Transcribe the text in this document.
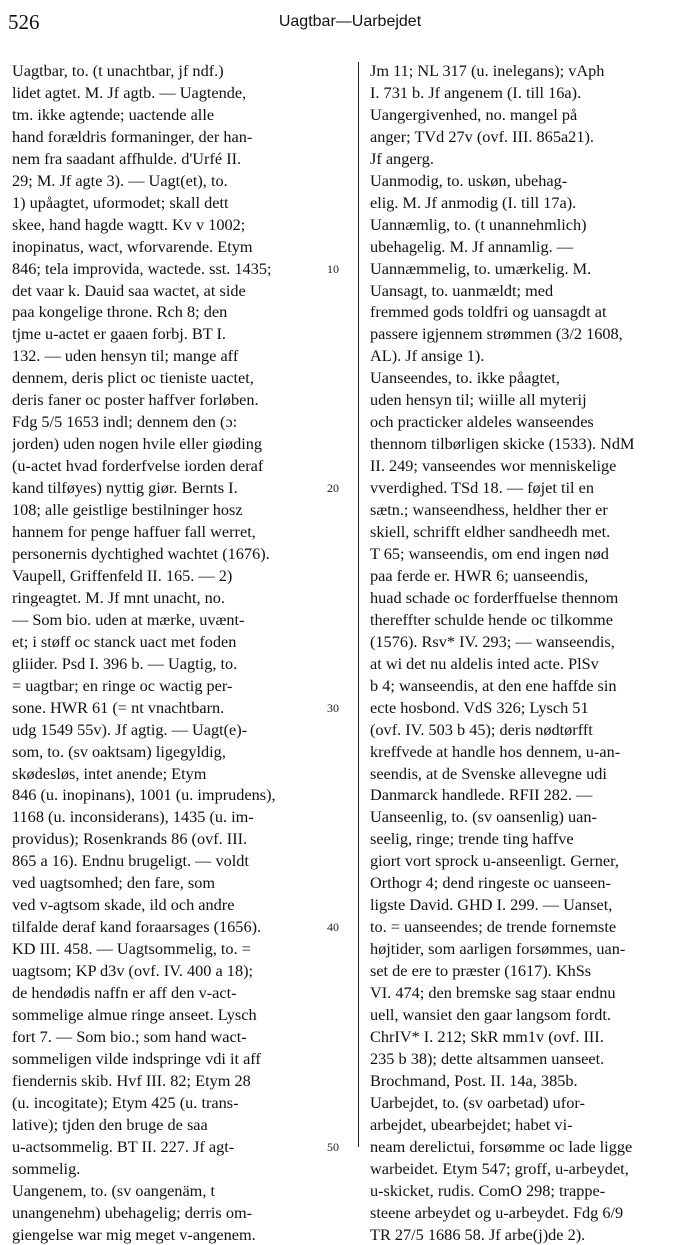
526	Uagtbar—Uarbejdet
Uagtbar, to. (t unachtbar, jf ndf.)
lidet agtet. M. Jf agtb. — Uagtende,
tm. ikke agtende; uactende alle
hand forældris formaninger, der han-
nem fra saadant affhulde. d'Urfé II.
29; M. Jf agte 3). — Uagt(et), to.
1) upåagtet, uformodet; skall dett
skee, hand hagde wagtt. Kv v 1002;
inopinatus, wact, wforvarende. Etym
846; tela improvida, wactede. sst. 1435;
det vaar k. Dauid saa wactet, at side
paa kongelige throne. Rch 8; den
tjme u-actet er gaaen forbj. BT I.
132. — uden hensyn til; mange aff
dennem, deris plict oc tieniste uactet,
deris faner oc poster haffver forløben.
Fdg 5/5 1653 indl; dennem den (ɔ:
jorden) uden nogen hvile eller giøding
(u-actet hvad forderfvelse iorden deraf
kand tilføyes) nyttig giør. Bernts I.
108; alle geistlige bestilninger hosz
hannem for penge haffuer fall werret,
personernis dychtighed wachtet (1676).
Vaupell, Griffenfeld II. 165. — 2)
ringeagtet. M. Jf mnt unacht, no.
— Som bio. uden at mærke, uvænt-
et; i støff oc stanck uact met foden
gliider. Psd I. 396 b. — Uagtig, to.
= uagtbar; en ringe oc wactig per-
sone. HWR 61 (= nt vnachtbarn.
udg 1549 55v). Jf agtig. — Uagt(e)-
som, to. (sv oaktsam) ligegyldig,
skødesløs, intet anende; Etym
846 (u. inopinans), 1001 (u. imprudens),
1168 (u. inconsiderans), 1435 (u. im-
providus); Rosenkrands 86 (ovf. III.
865 a 16). Endnu brugeligt. — voldt
ved uagtsomhed; den fare, som
ved v-agtsom skade, ild och andre
tilfalde deraf kand foraarsages (1656).
KD III. 458. — Uagtsommelig, to. =
uagtsom; KP d3v (ovf. IV. 400 a 18);
de hendødis naffn er aff den v-act-
sommelige almue ringe anseet. Lysch
fort 7. — Som bio.; som hand wact-
sommeligen vilde indspringe vdi it aff
fiendernis skib. Hvf III. 82; Etym 28
(u. incogitate); Etym 425 (u. trans-
lative); tjden den bruge de saa
u-actsommelig. BT II. 227. Jf agt-
sommelig.
Uangenem, to. (sv oangenäm, t
unangenehm) ubehagelig; derris om-
giengelse war mig meget v-angenem.
Jm 11; NL 317 (u. inelegans); vAph
I. 731 b. Jf angenem (I. till 16a).
Uangergivenhed, no. mangel på
anger; TVd 27v (ovf. III. 865a21).
Jf angerg.
Uanmodig, to. uskøn, ubehag-
elig. M. Jf anmodig (I. till 17a).
Uannæmlig, to. (t unannehmlich)
ubehagelig. M. Jf annamlig. —
Uannæmmelig, to. umærkelig. M.
Uansagt, to. uanmældt; med
fremmed gods toldfri og uansagdt at
passere igjennem strømmen (3/2 1608,
AL). Jf ansige 1).
Uanseendes, to. ikke påagtet,
uden hensyn til; wiille all myterij
och practicker aldeles wanseendes
thennom tilbørligen skicke (1533). NdM
II. 249; vanseendes wor menniskelige
vverdighed. TSd 18. — føjet til en
sætn.; wanseendhess, heldher ther er
skiell, schrifft eldher sandheedh met.
T 65; wanseendis, om end ingen nød
paa ferde er. HWR 6; uanseendis,
huad schade oc forderffuelse thennom
thereffter schulde hende oc tilkomme
(1576). Rsv* IV. 293; — wanseendis,
at wi det nu aldelis inted acte. PlSv
b 4; wanseendis, at den ene haffde sin
ecte hosbond. VdS 326; Lysch 51
(ovf. IV. 503 b 45); deris nødtørfft
kreffvede at handle hos dennem, u-an-
seendis, at de Svenske allevegne udi
Danmarck handlede. RFII 282. —
Uanseenlig, to. (sv oansenlig) uan-
seelig, ringe; trende ting haffve
giort vort sprock u-anseenligt. Gerner,
Orthogr 4; dend ringeste oc uanseen-
ligste David. GHD I. 299. — Uanset,
to. = uanseendes; de trende fornemste
højtider, som aarligen forsømmes, uan-
set de ere to præster (1617). KhSs
VI. 474; den bremske sag staar endnu
uell, wansiet den gaar langsom fordt.
ChrIV* I. 212; SkR mm1v (ovf. III.
235 b 38); dette altsammen uanseet.
Brochmand, Post. II. 14a, 385b.
Uarbejdet, to. (sv oarbetad) ufor-
arbejdet, ubearbejdet; habet vi-
neam derelictui, forsømme oc lade ligge
warbeidet. Etym 547; groff, u-arbeydet,
u-skicket, rudis. ComO 298; trappe-
steene arbeydet og u-arbeydet. Fdg 6/9
TR 27/5 1686 58. Jf arbe(j)de 2).
10
20
30
40
50
